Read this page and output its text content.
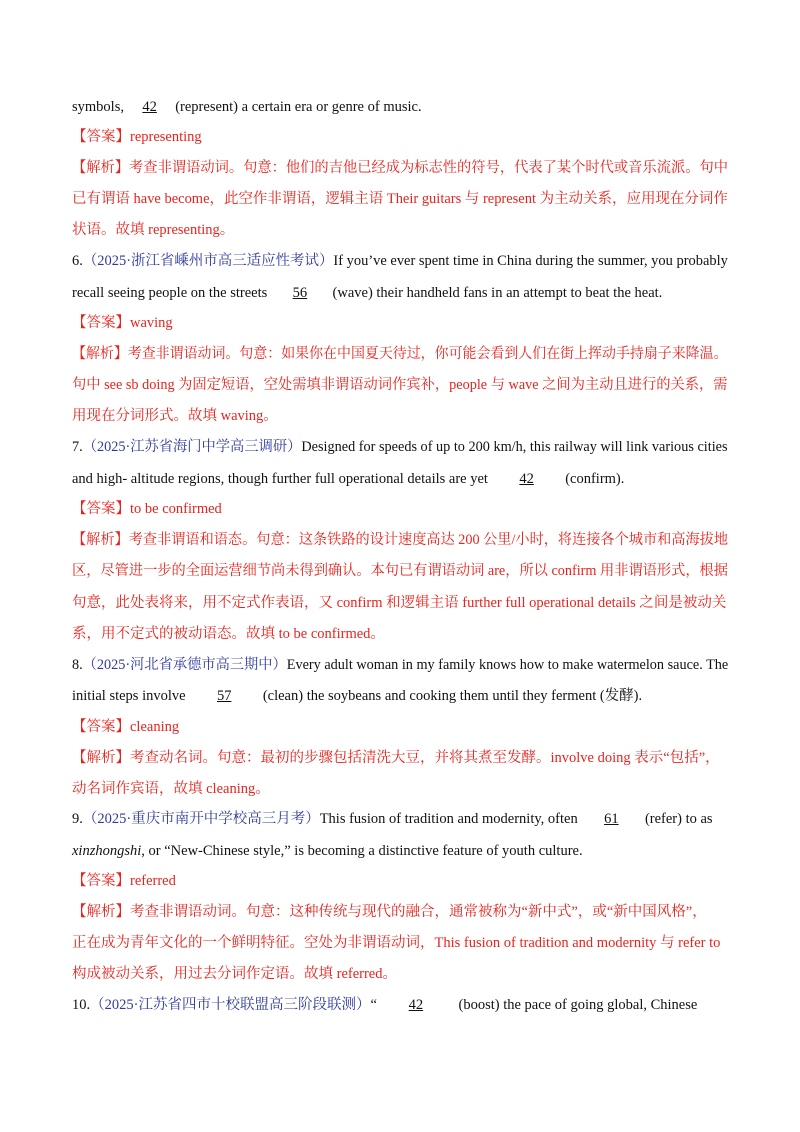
symbols, 42 (represent) a certain era or genre of music.
【答案】representing
【解析】考查非谓语动词。句意：他们的吉他已经成为标志性的符号，代表了某个时代或音乐流派。句中
已有谓语 have become，此空作非谓语，逻辑主语 Their guitars 与 represent 为主动关系，应用现在分词作
状语。故填 representing。
6.（2025·浙江省嵊州市高三适应性考试）If you’ve ever spent time in China during the summer, you probably
recall seeing people on the streets 56 (wave) their handheld fans in an attempt to beat the heat.
【答案】waving
【解析】考查非谓语动词。句意：如果你在中国夏天待过，你可能会看到人们在街上挥动手持扇子来降温。
句中 see sb doing 为固定短语，空处需填非谓语动词作宾补，people 与 wave 之间为主动且进行的关系，需
用现在分词形式。故填 waving。
7.（2025·江苏省海门中学高三调研）Designed for speeds of up to 200 km/h, this railway will link various cities
and high- altitude regions, though further full operational details are yet 42 (confirm).
【答案】to be confirmed
【解析】考查非谓语和语态。句意：这条铁路的设计速度高达 200 公里/小时，将连接各个城市和高海拔地
区，尽管进一步的全面运营细节尚未得到确认。本句已有谓语动词 are，所以 confirm 用非谓语形式，根据
句意，此处表将来，用不定式作表语，又 confirm 和逻辑主语 further full operational details 之间是被动关
系，用不定式的被动语态。故填 to be confirmed。
8.（2025·河北省承德市高三期中）Every adult woman in my family knows how to make watermelon sauce. The
initial steps involve 57 (clean) the soybeans and cooking them until they ferment (发酵).
【答案】cleaning
【解析】考查动名词。句意：最初的步骤包括清洗大豆，并将其煮至发酵。involve doing 表示“包括”，
动名词作宾语，故填 cleaning。
9.（2025·重庆市南开中学校高三月考）This fusion of tradition and modernity, often 61 (refer) to as
xinzhongshi, or “New-Chinese style,” is becoming a distinctive feature of youth culture.
【答案】referred
【解析】考查非谓语动词。句意：这种传统与现代的融合，通常被称为“新中式”，或“新中国风格”，
正在成为青年文化的一个鲜明特征。空处为非谓语动词，This fusion of tradition and modernity 与 refer to
构成被动关系，用过去分词作定语。故填 referred。
10.（2025·江苏省四市十校联盟高三阶段联测）“ 42 (boost) the pace of going global, Chinese
